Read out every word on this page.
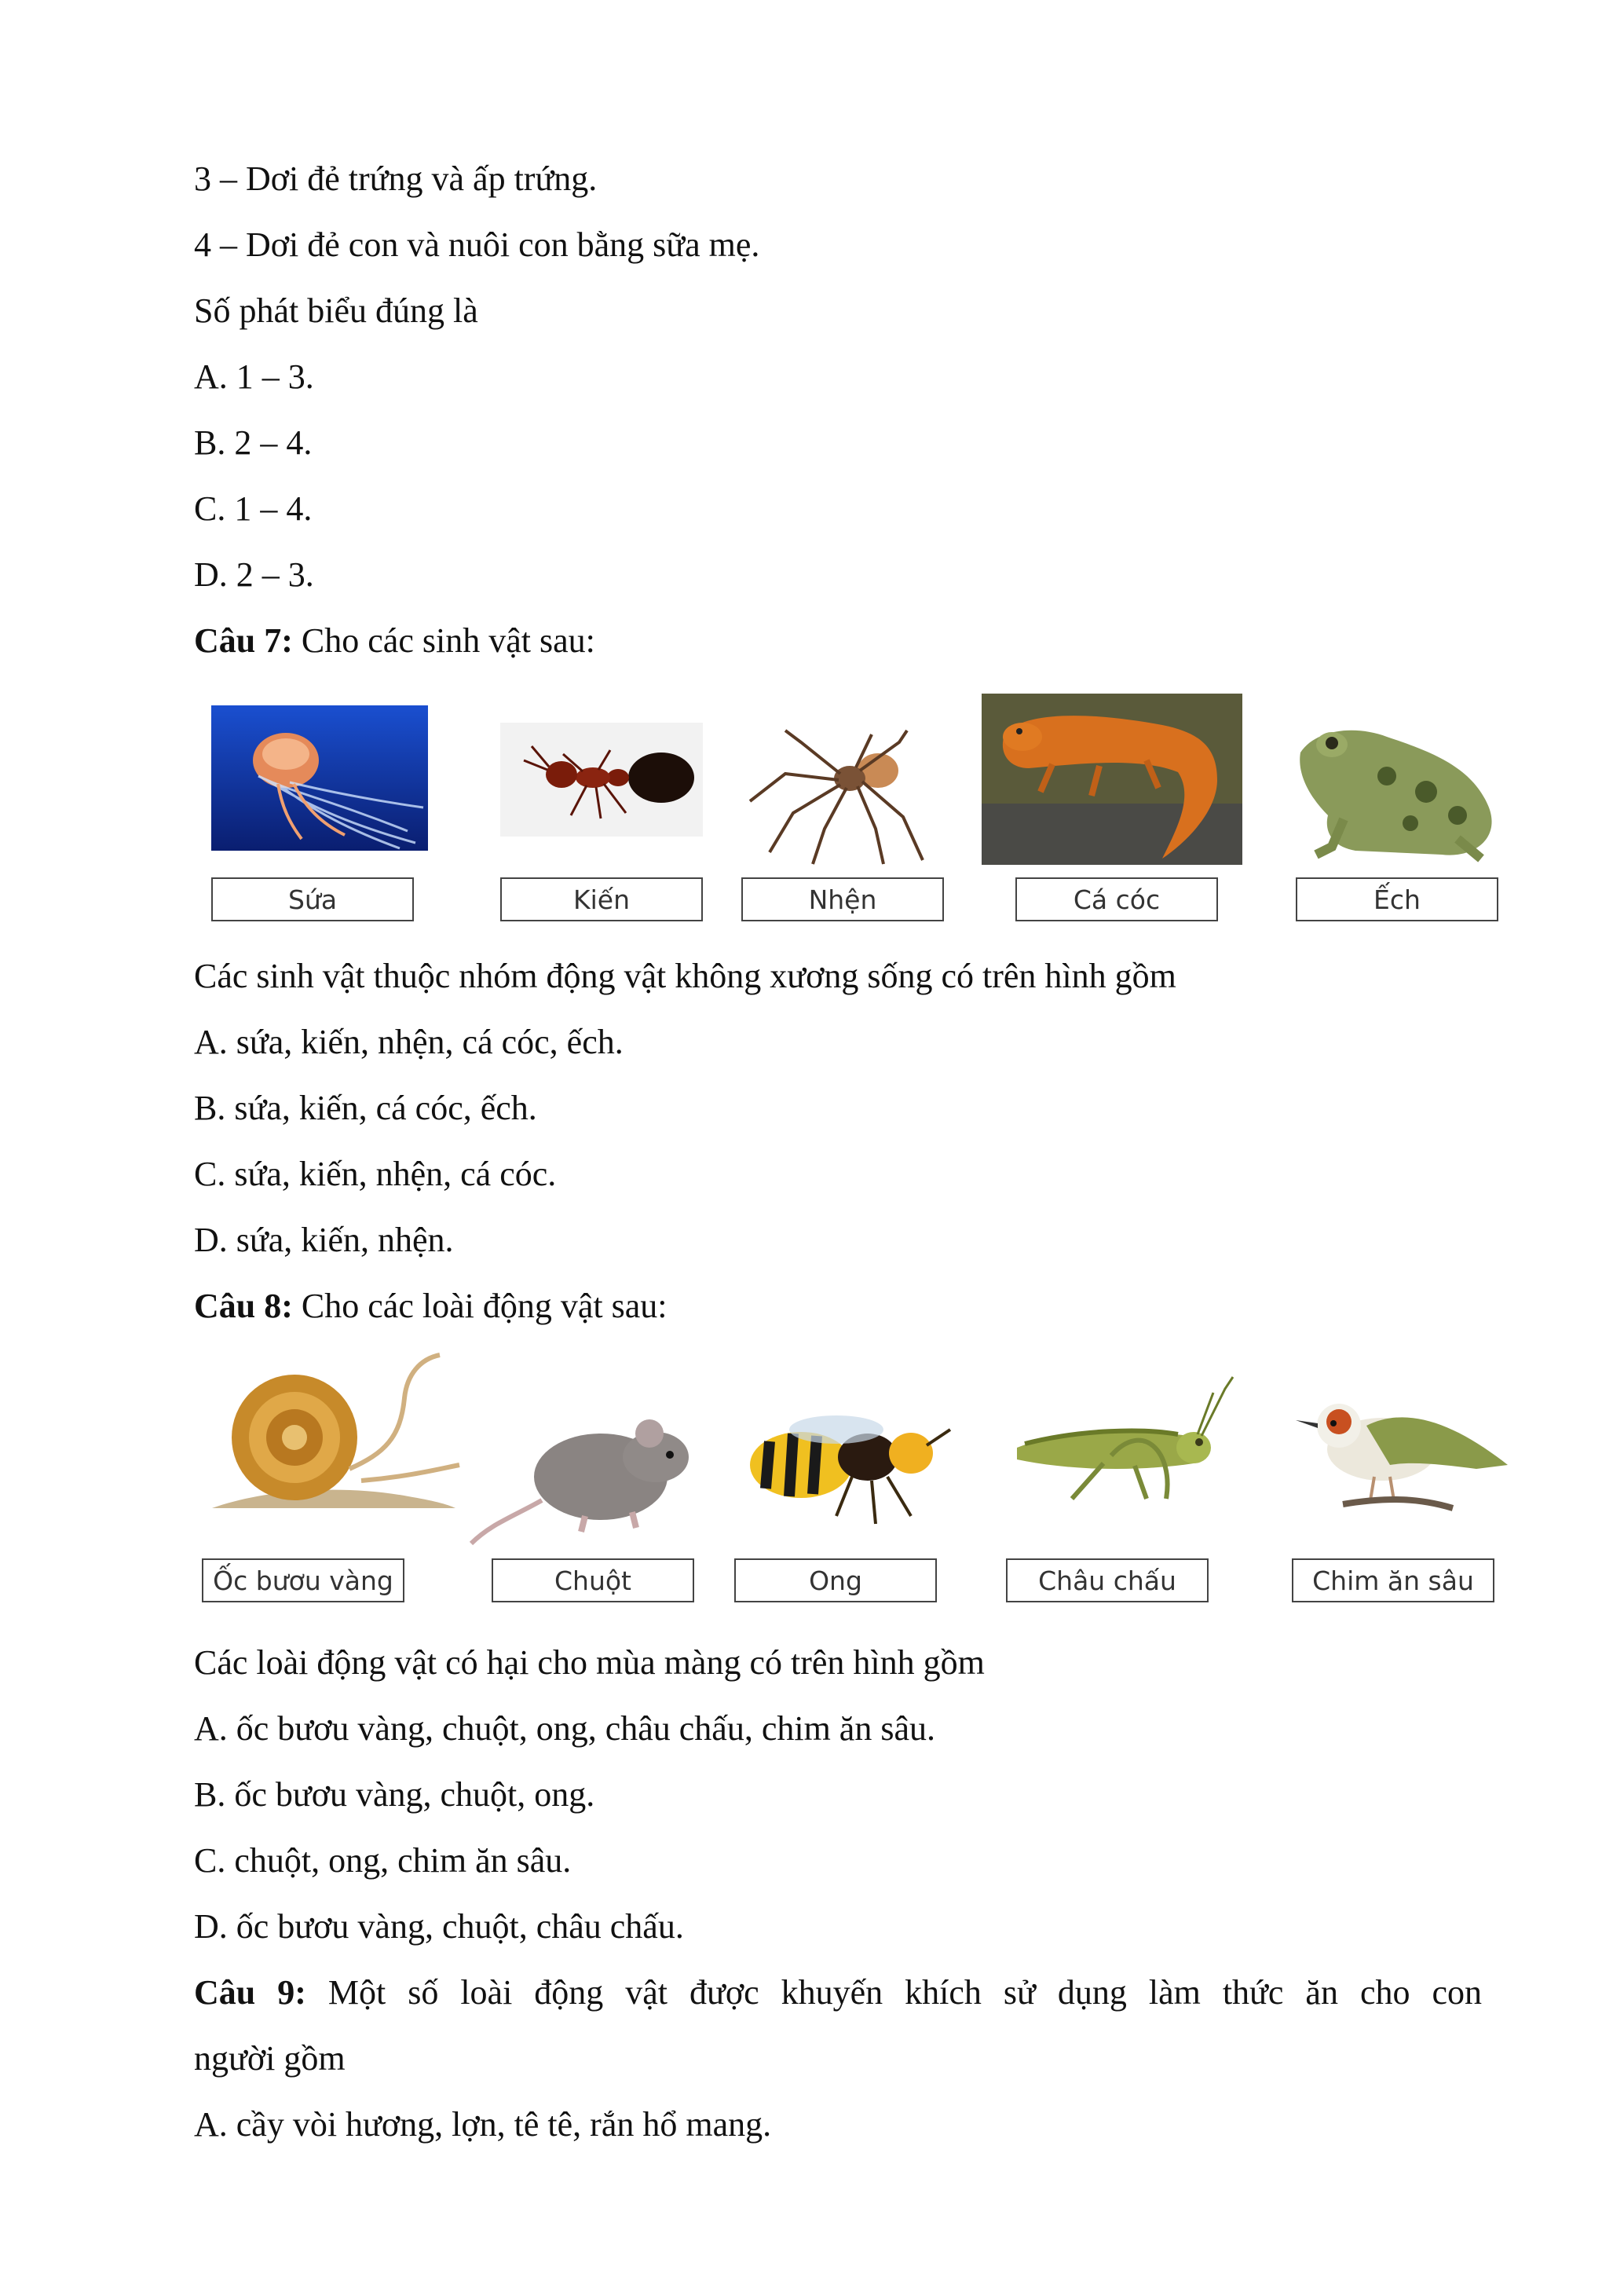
3 – Dơi đẻ trứng và ấp trứng.
4 – Dơi đẻ con và nuôi con bằng sữa mẹ.
Số phát biểu đúng là
A. 1 – 3.
B. 2 – 4.
C. 1 – 4.
D. 2 – 3.
Câu 7: Cho các sinh vật sau:
Sứa	Kiến	Nhện	Cá cóc	Ếch
Các sinh vật thuộc nhóm động vật không xương sống có trên hình gồm
A. sứa, kiến, nhện, cá cóc, ếch.
B. sứa, kiến, cá cóc, ếch.
C. sứa, kiến, nhện, cá cóc.
D. sứa, kiến, nhện.
Câu 8: Cho các loài động vật sau:
Ốc bươu vàng	Chuột	Ong	Châu chấu	Chim ăn sâu
Các loài động vật có hại cho mùa màng có trên hình gồm
A. ốc bươu vàng, chuột, ong, châu chấu, chim ăn sâu.
B. ốc bươu vàng, chuột, ong.
C. chuột, ong, chim ăn sâu.
D. ốc bươu vàng, chuột, châu chấu.
Câu 9: Một số loài động vật được khuyến khích sử dụng làm thức ăn cho con
người gồm
A. cầy vòi hương, lợn, tê tê, rắn hổ mang.
